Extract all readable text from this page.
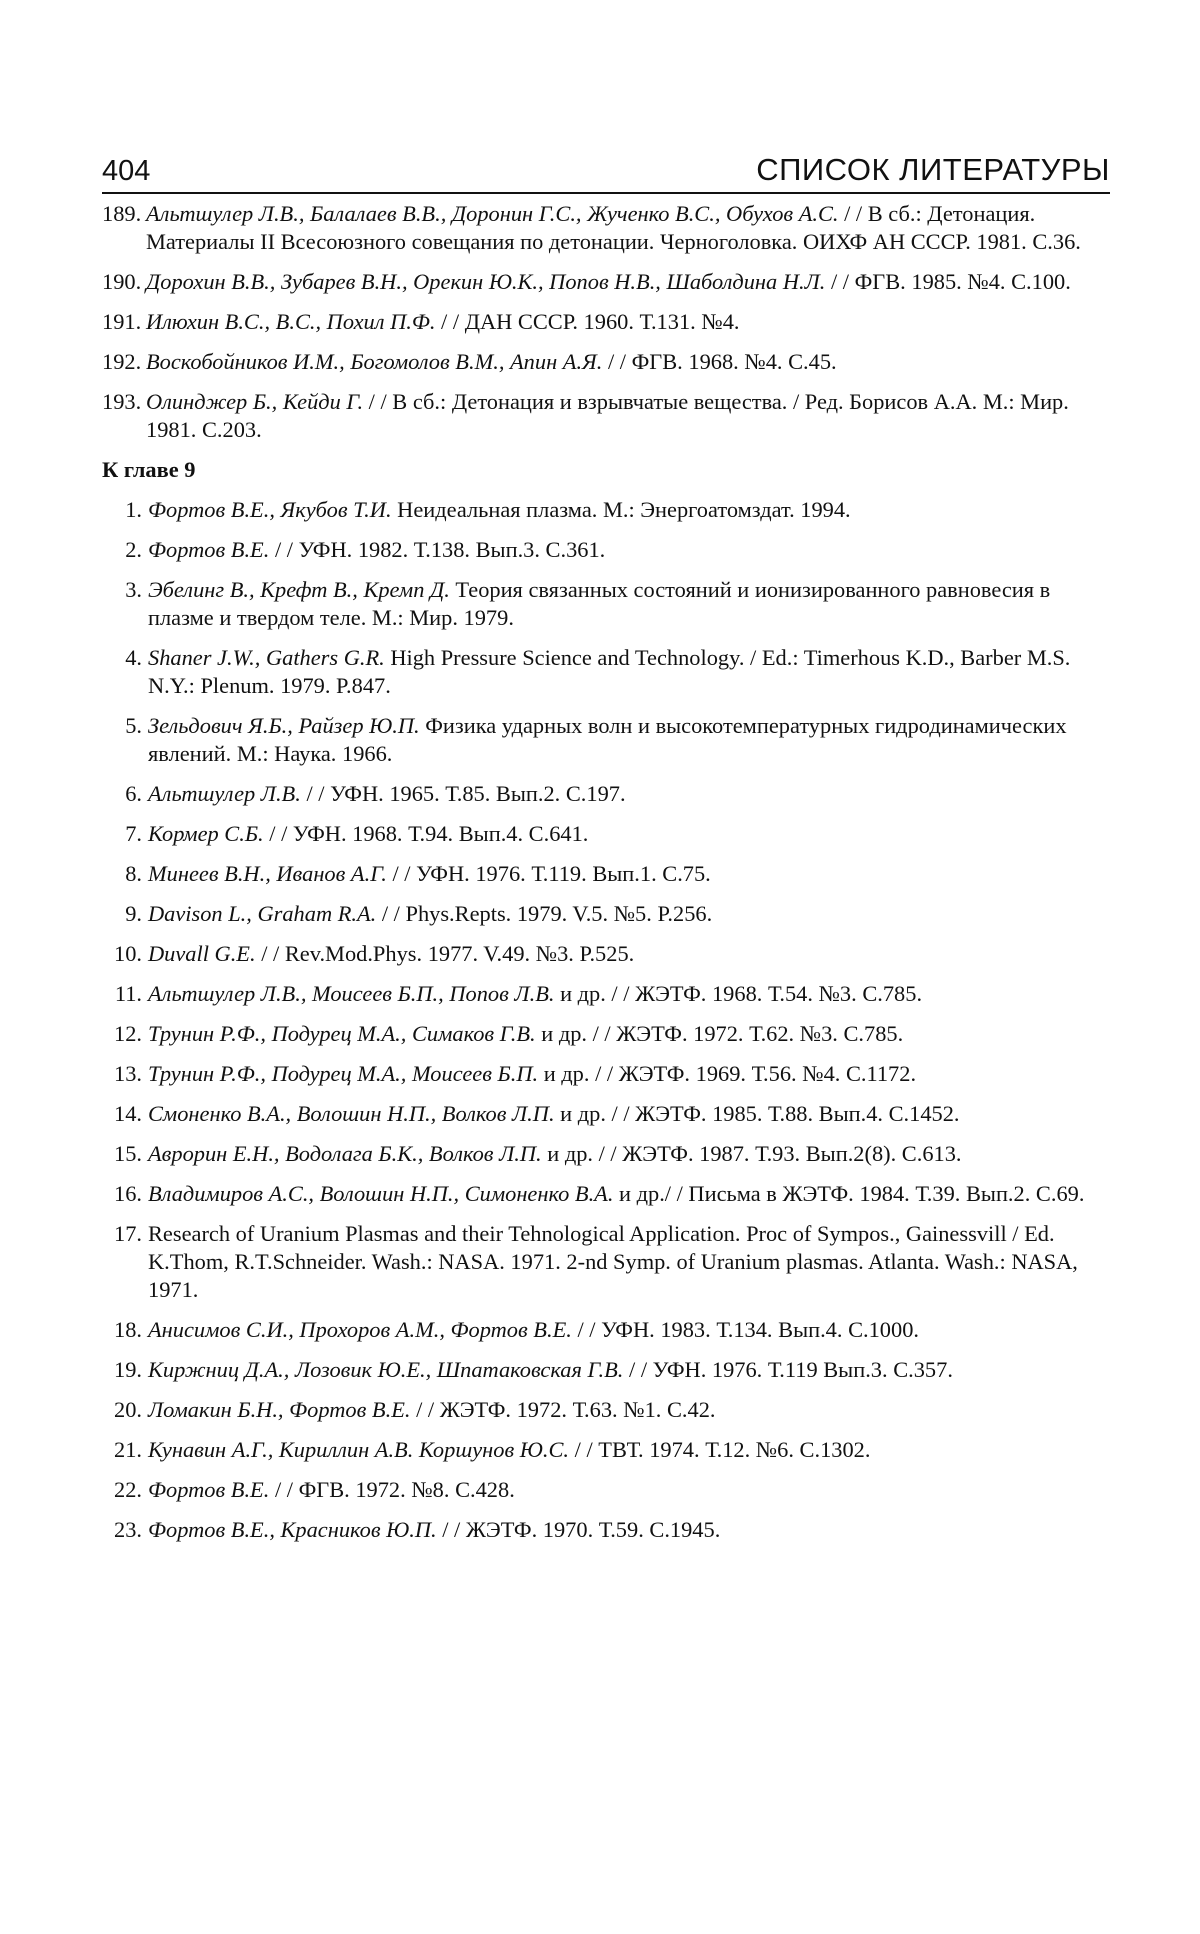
404	СПИСОК ЛИТЕРАТУРЫ
189. Альтшулер Л.В., Балалаев В.В., Доронин Г.С., Жученко В.С., Обухов А.С. / / В сб.: Детонация. Материалы II Всесоюзного совещания по детонации. Черноголовка. ОИХФ АН СССР. 1981. С.36.
190. Дорохин В.В., Зубарев В.Н., Орекин Ю.К., Попов Н.В., Шаболдина Н.Л. / / ФГВ. 1985. №4. С.100.
191. Илюхин В.С., В.С., Похил П.Ф. / / ДАН СССР. 1960. Т.131. №4.
192. Воскобойников И.М., Богомолов В.М., Апин А.Я. / / ФГВ. 1968. №4. С.45.
193. Олинджер Б., Кейди Г. / / В сб.: Детонация и взрывчатые вещества. / Ред. Борисов А.А. М.: Мир. 1981. С.203.
К главе 9
1. Фортов В.Е., Якубов Т.И. Неидеальная плазма. М.: Энергоатомздат. 1994.
2. Фортов В.Е. / / УФН. 1982. Т.138. Вып.3. С.361.
3. Эбелинг В., Крефт В., Кремп Д. Теория связанных состояний и ионизированного равновесия в плазме и твердом теле. М.: Мир. 1979.
4. Shaner J.W., Gathers G.R. High Pressure Science and Technology. / Ed.: Timerhous K.D., Barber M.S. N.Y.: Plenum. 1979. P.847.
5. Зельдович Я.Б., Райзер Ю.П. Физика ударных волн и высокотемпературных гидродинамических явлений. М.: Наука. 1966.
6. Альтшулер Л.В. / / УФН. 1965. Т.85. Вып.2. С.197.
7. Кормер С.Б. / / УФН. 1968. Т.94. Вып.4. С.641.
8. Минеев В.Н., Иванов А.Г. / / УФН. 1976. Т.119. Вып.1. С.75.
9. Davison L., Graham R.A. / / Phys.Repts. 1979. V.5. №5. P.256.
10. Duvall G.E. / / Rev.Mod.Phys. 1977. V.49. №3. P.525.
11. Альтшулер Л.В., Моисеев Б.П., Попов Л.В. и др. / / ЖЭТФ. 1968. Т.54. №3. С.785.
12. Трунин Р.Ф., Подурец М.А., Симаков Г.В. и др. / / ЖЭТФ. 1972. Т.62. №3. С.785.
13. Трунин Р.Ф., Подурец М.А., Моисеев Б.П. и др. / / ЖЭТФ. 1969. Т.56. №4. С.1172.
14. Смоненко В.А., Волошин Н.П., Волков Л.П. и др. / / ЖЭТФ. 1985. Т.88. Вып.4. С.1452.
15. Аврорин Е.Н., Водолага Б.К., Волков Л.П. и др. / / ЖЭТФ. 1987. Т.93. Вып.2(8). С.613.
16. Владимиров А.С., Волошин Н.П., Симоненко В.А. и др./ / Письма в ЖЭТФ. 1984. Т.39. Вып.2. С.69.
17. Research of Uranium Plasmas and their Tehnological Application. Proc of Sympos., Gainessvill / Ed. K.Thom, R.T.Schneider. Wash.: NASA. 1971. 2-nd Symp. of Uranium plasmas. Atlanta. Wash.: NASA, 1971.
18. Анисимов С.И., Прохоров А.М., Фортов В.Е. / / УФН. 1983. Т.134. Вып.4. С.1000.
19. Киржниц Д.А., Лозовик Ю.Е., Шпатаковская Г.В. / / УФН. 1976. Т.119 Вып.3. С.357.
20. Ломакин Б.Н., Фортов В.Е. / / ЖЭТФ. 1972. Т.63. №1. С.42.
21. Кунавин А.Г., Кириллин А.В. Коршунов Ю.С. / / ТВТ. 1974. Т.12. №6. С.1302.
22. Фортов В.Е. / / ФГВ. 1972. №8. С.428.
23. Фортов В.Е., Красников Ю.П. / / ЖЭТФ. 1970. Т.59. С.1945.
